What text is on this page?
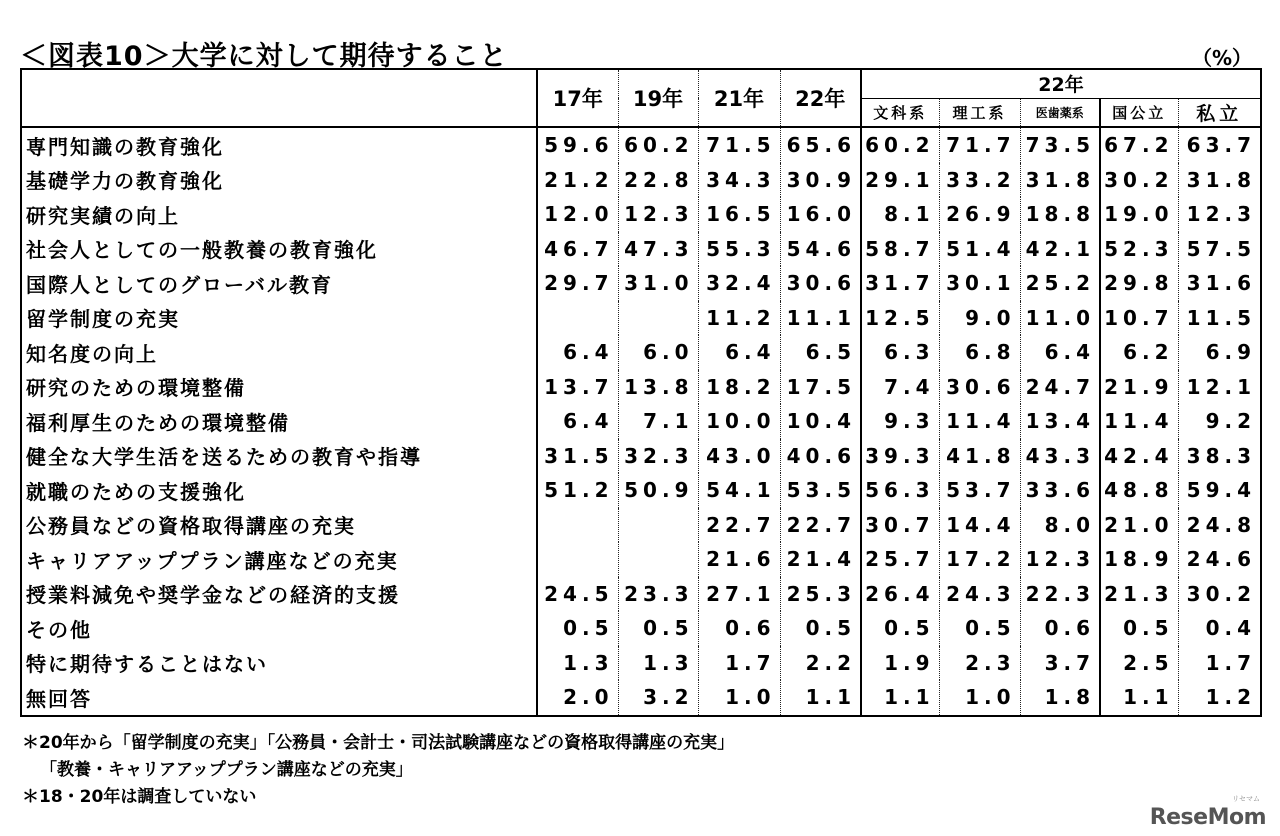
＜図表10＞大学に対して期待すること	（%）
	17年	19年	21年	22年	22年				
					文科系	理工系	医歯薬系	国公立	私立
専門知識の教育強化	59.6	60.2	71.5	65.6	60.2	71.7	73.5	67.2	63.7
基礎学力の教育強化	21.2	22.8	34.3	30.9	29.1	33.2	31.8	30.2	31.8
研究実績の向上	12.0	12.3	16.5	16.0	8.1	26.9	18.8	19.0	12.3
社会人としての一般教養の教育強化	46.7	47.3	55.3	54.6	58.7	51.4	42.1	52.3	57.5
国際人としてのグローバル教育	29.7	31.0	32.4	30.6	31.7	30.1	25.2	29.8	31.6
留学制度の充実			11.2	11.1	12.5	9.0	11.0	10.7	11.5
知名度の向上	6.4	6.0	6.4	6.5	6.3	6.8	6.4	6.2	6.9
研究のための環境整備	13.7	13.8	18.2	17.5	7.4	30.6	24.7	21.9	12.1
福利厚生のための環境整備	6.4	7.1	10.0	10.4	9.3	11.4	13.4	11.4	9.2
健全な大学生活を送るための教育や指導	31.5	32.3	43.0	40.6	39.3	41.8	43.3	42.4	38.3
就職のための支援強化	51.2	50.9	54.1	53.5	56.3	53.7	33.6	48.8	59.4
公務員などの資格取得講座の充実			22.7	22.7	30.7	14.4	8.0	21.0	24.8
キャリアアッププラン講座などの充実			21.6	21.4	25.7	17.2	12.3	18.9	24.6
授業料減免や奨学金などの経済的支援	24.5	23.3	27.1	25.3	26.4	24.3	22.3	21.3	30.2
その他	0.5	0.5	0.6	0.5	0.5	0.5	0.6	0.5	0.4
特に期待することはない	1.3	1.3	1.7	2.2	1.9	2.3	3.7	2.5	1.7
無回答	2.0	3.2	1.0	1.1	1.1	1.0	1.8	1.1	1.2
＊20年から「留学制度の充実」「公務員・会計士・司法試験講座などの資格取得講座の充実」
「教養・キャリアアッププラン講座などの充実」
＊18・20年は調査していない	リセマム
ReseMom
